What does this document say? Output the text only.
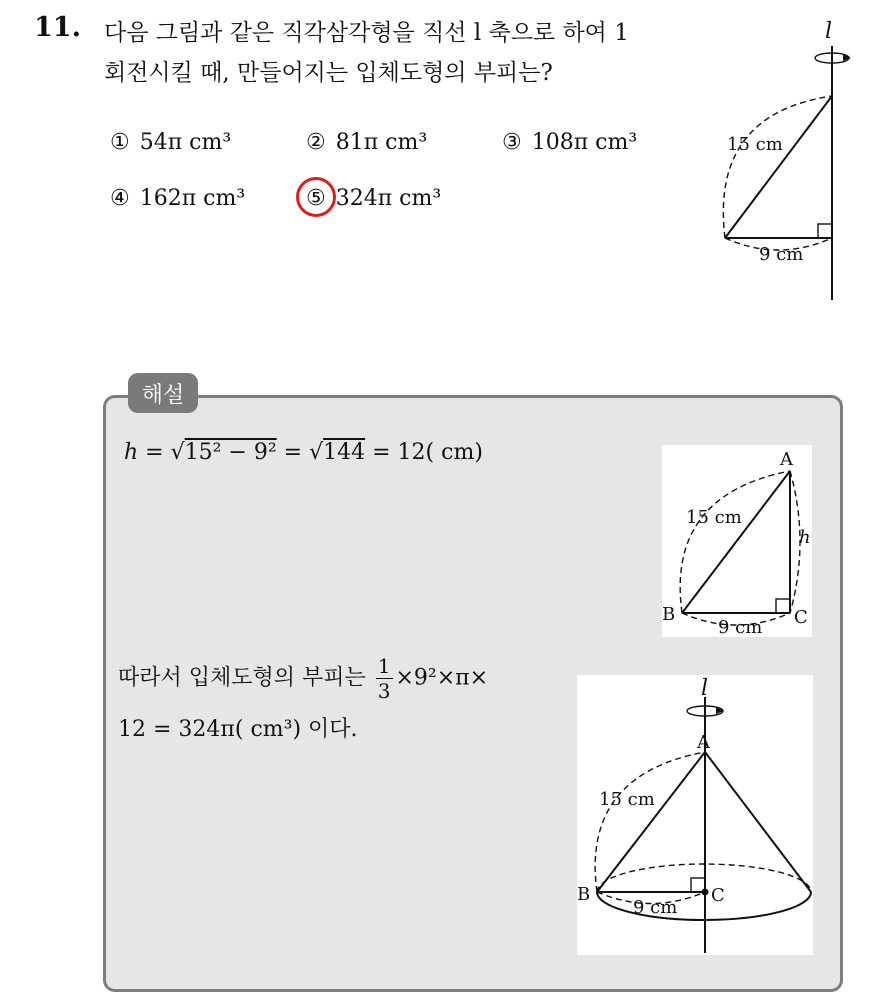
11. 다음 그림과 같은 직각삼각형을 직선 l 축으로 하여 1
회전시킬 때, 만들어지는 입체도형의 부피는?
① 54π cm³	② 81π cm³	③ 108π cm³
④ 162π cm³	⑤ 324π cm³
l
15 cm
9 cm
해설
h = √15² − 9² = √144 = 12( cm)
따라서 입체도형의 부피는 $\frac{1}{3} \times 9^2\times\pi\times$
12 = 324π( cm³) 이다.
A
B	C
15 cm
h
9 cm
l
A
B	C
15 cm
9 cm
